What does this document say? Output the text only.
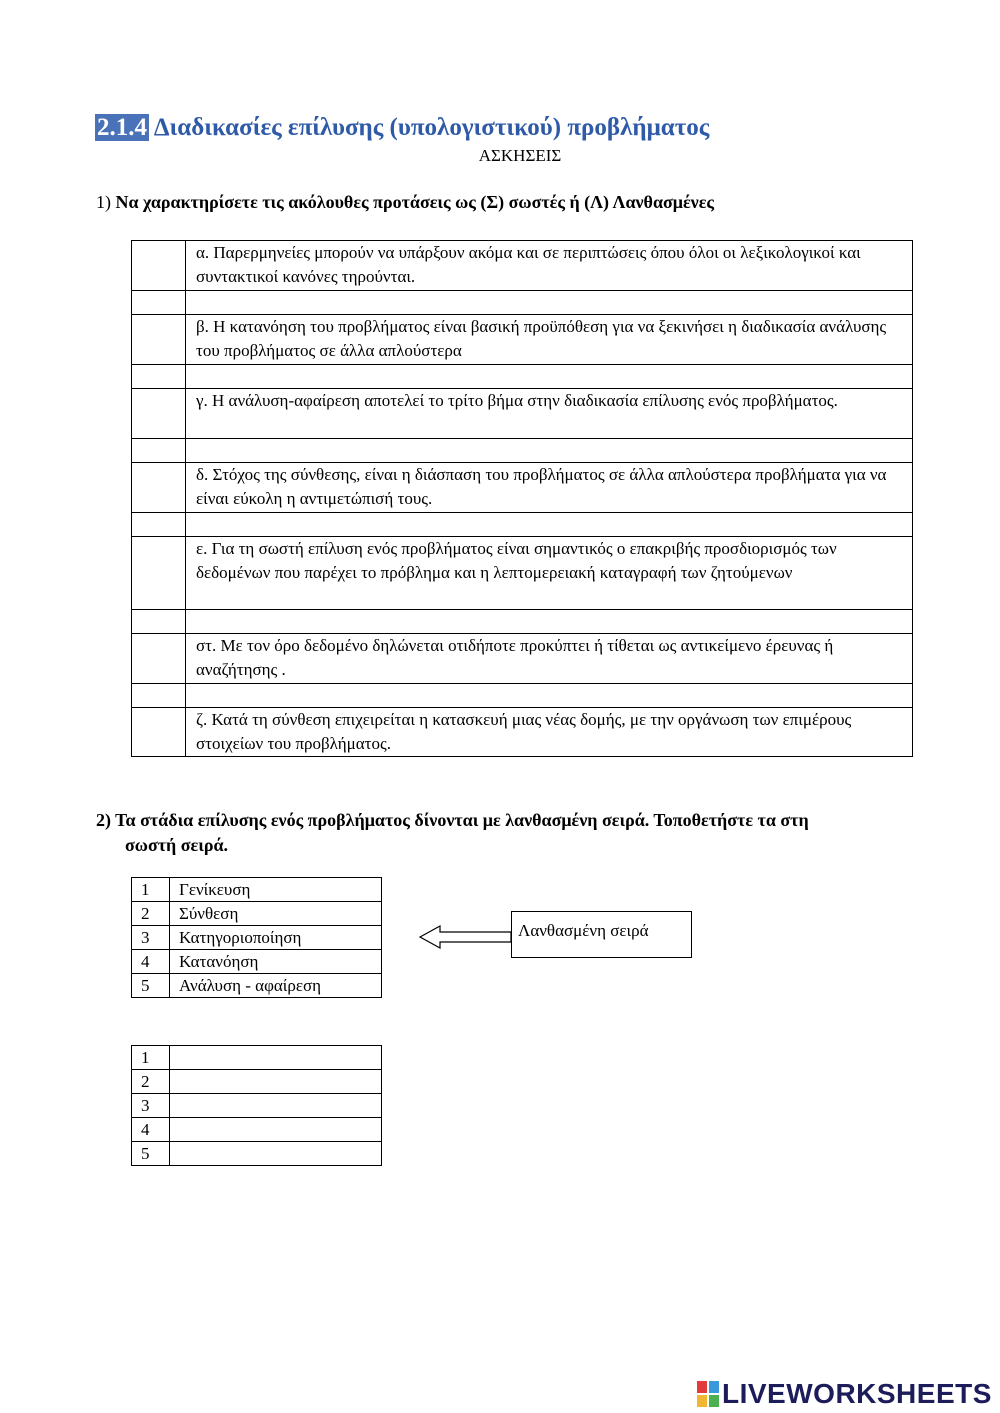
2.1.4 Διαδικασίες επίλυσης (υπολογιστικού) προβλήματος
ΑΣΚΗΣΕΙΣ
1) Να χαρακτηρίσετε τις ακόλουθες προτάσεις ως (Σ) σωστές ή (Λ) Λανθασμένες
	α. Παρερμηνείες μπορούν να υπάρξουν ακόμα και σε περιπτώσεις όπου όλοι οι λεξικολογικοί και συντακτικοί κανόνες τηρούνται.

	β. Η κατανόηση του προβλήματος είναι βασική προϋπόθεση για να ξεκινήσει η διαδικασία ανάλυσης του προβλήματος σε άλλα απλούστερα

	γ. Η ανάλυση-αφαίρεση αποτελεί το τρίτο βήμα στην διαδικασία επίλυσης ενός προβλήματος.

	δ. Στόχος της σύνθεσης, είναι η διάσπαση του προβλήματος σε άλλα απλούστερα προβλήματα για να είναι εύκολη η αντιμετώπισή τους.

	ε. Για τη σωστή επίλυση ενός προβλήματος είναι σημαντικός ο επακριβής προσδιορισμός των δεδομένων που παρέχει το πρόβλημα και η λεπτομερειακή καταγραφή των ζητούμενων

	στ. Με τον όρο δεδομένο δηλώνεται οτιδήποτε προκύπτει ή τίθεται ως αντικείμενο έρευνας ή αναζήτησης .

	ζ. Κατά τη σύνθεση επιχειρείται η κατασκευή μιας νέας δομής, με την οργάνωση των επιμέρους στοιχείων του προβλήματος.
2) Τα στάδια επίλυσης ενός προβλήματος δίνονται με λανθασμένη σειρά. Τοποθετήστε τα στη
σωστή σειρά.
1	Γενίκευση
2	Σύνθεση
3	Κατηγοριοποίηση
4	Κατανόηση
5	Ανάλυση - αφαίρεση
Λανθασμένη σειρά
1	
2	
3	
4	
5	
LIVEWORKSHEETS
